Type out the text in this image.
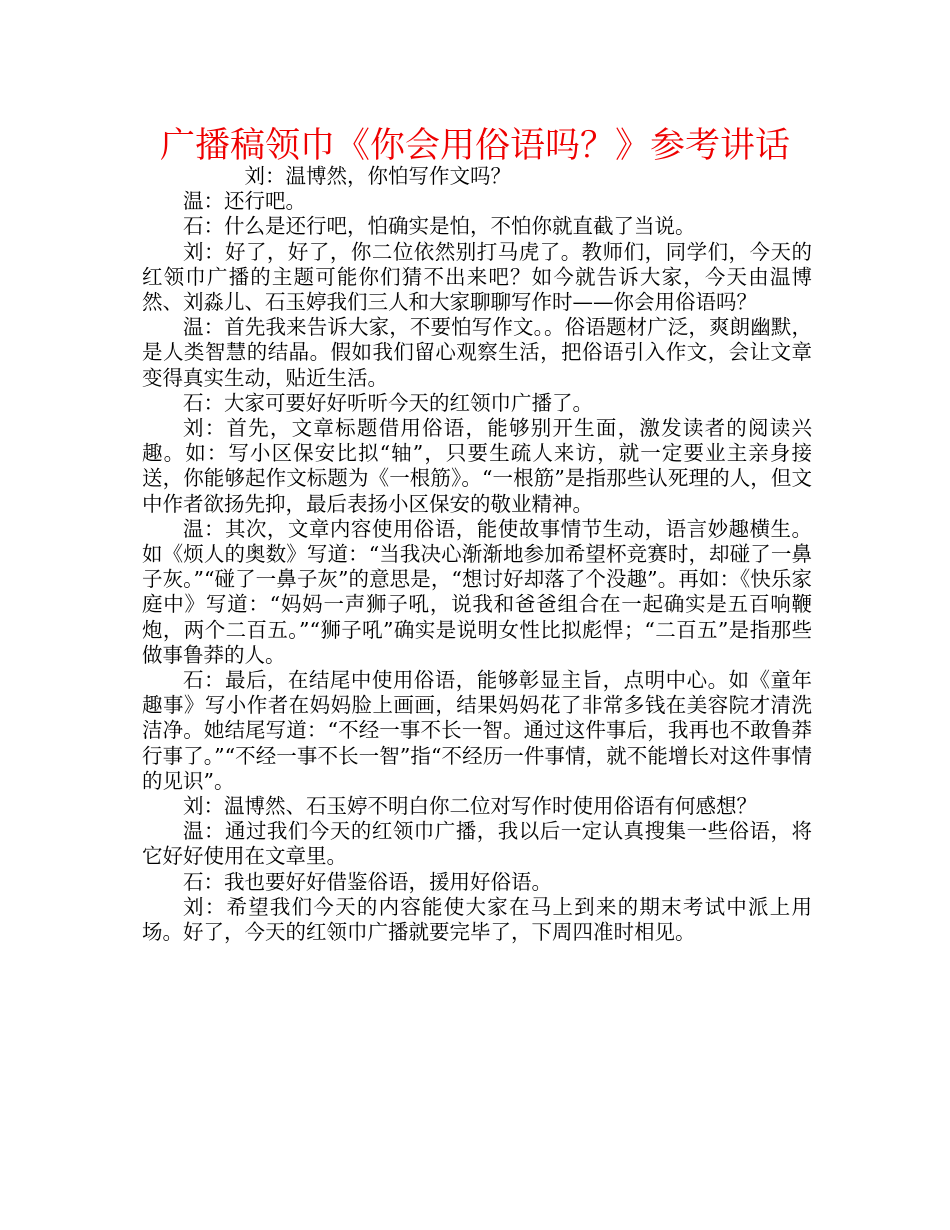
广播稿领巾《你会用俗语吗？》参考讲话

刘：温博然，你怕写作文吗？

温：还行吧。

石：什么是还行吧，怕确实是怕，不怕你就直截了当说。

刘：好了，好了，你二位依然别打马虎了。教师们，同学们，今天的红领巾广播的主题可能你们猜不出来吧？如今就告诉大家，今天由温博然、刘淼儿、石玉婷我们三人和大家聊聊写作时——你会用俗语吗？

温：首先我来告诉大家，不要怕写作文。。俗语题材广泛，爽朗幽默，是人类智慧的结晶。假如我们留心观察生活，把俗语引入作文，会让文章变得真实生动，贴近生活。

石：大家可要好好听听今天的红领巾广播了。

刘：首先，文章标题借用俗语，能够别开生面，激发读者的阅读兴趣。如：写小区保安比拟“轴”，只要生疏人来访，就一定要业主亲身接送，你能够起作文标题为《一根筋》。“一根筋”是指那些认死理的人，但文中作者欲扬先抑，最后表扬小区保安的敬业精神。

温：其次，文章内容使用俗语，能使故事情节生动，语言妙趣横生。如《烦人的奥数》写道：“当我决心渐渐地参加希望杯竞赛时，却碰了一鼻子灰。”“碰了一鼻子灰”的意思是，“想讨好却落了个没趣”。再如：《快乐家庭中》写道：“妈妈一声狮子吼，说我和爸爸组合在一起确实是五百响鞭炮，两个二百五。”“狮子吼”确实是说明女性比拟彪悍；“二百五”是指那些做事鲁莽的人。

石：最后，在结尾中使用俗语，能够彰显主旨，点明中心。如《童年趣事》写小作者在妈妈脸上画画，结果妈妈花了非常多钱在美容院才清洗洁净。她结尾写道：“不经一事不长一智。通过这件事后，我再也不敢鲁莽行事了。”“不经一事不长一智”指“不经历一件事情，就不能增长对这件事情的见识”。

刘：温博然、石玉婷不明白你二位对写作时使用俗语有何感想？

温：通过我们今天的红领巾广播，我以后一定认真搜集一些俗语，将它好好使用在文章里。

石：我也要好好借鉴俗语，援用好俗语。

刘：希望我们今天的内容能使大家在马上到来的期末考试中派上用场。好了，今天的红领巾广播就要完毕了，下周四准时相见。
